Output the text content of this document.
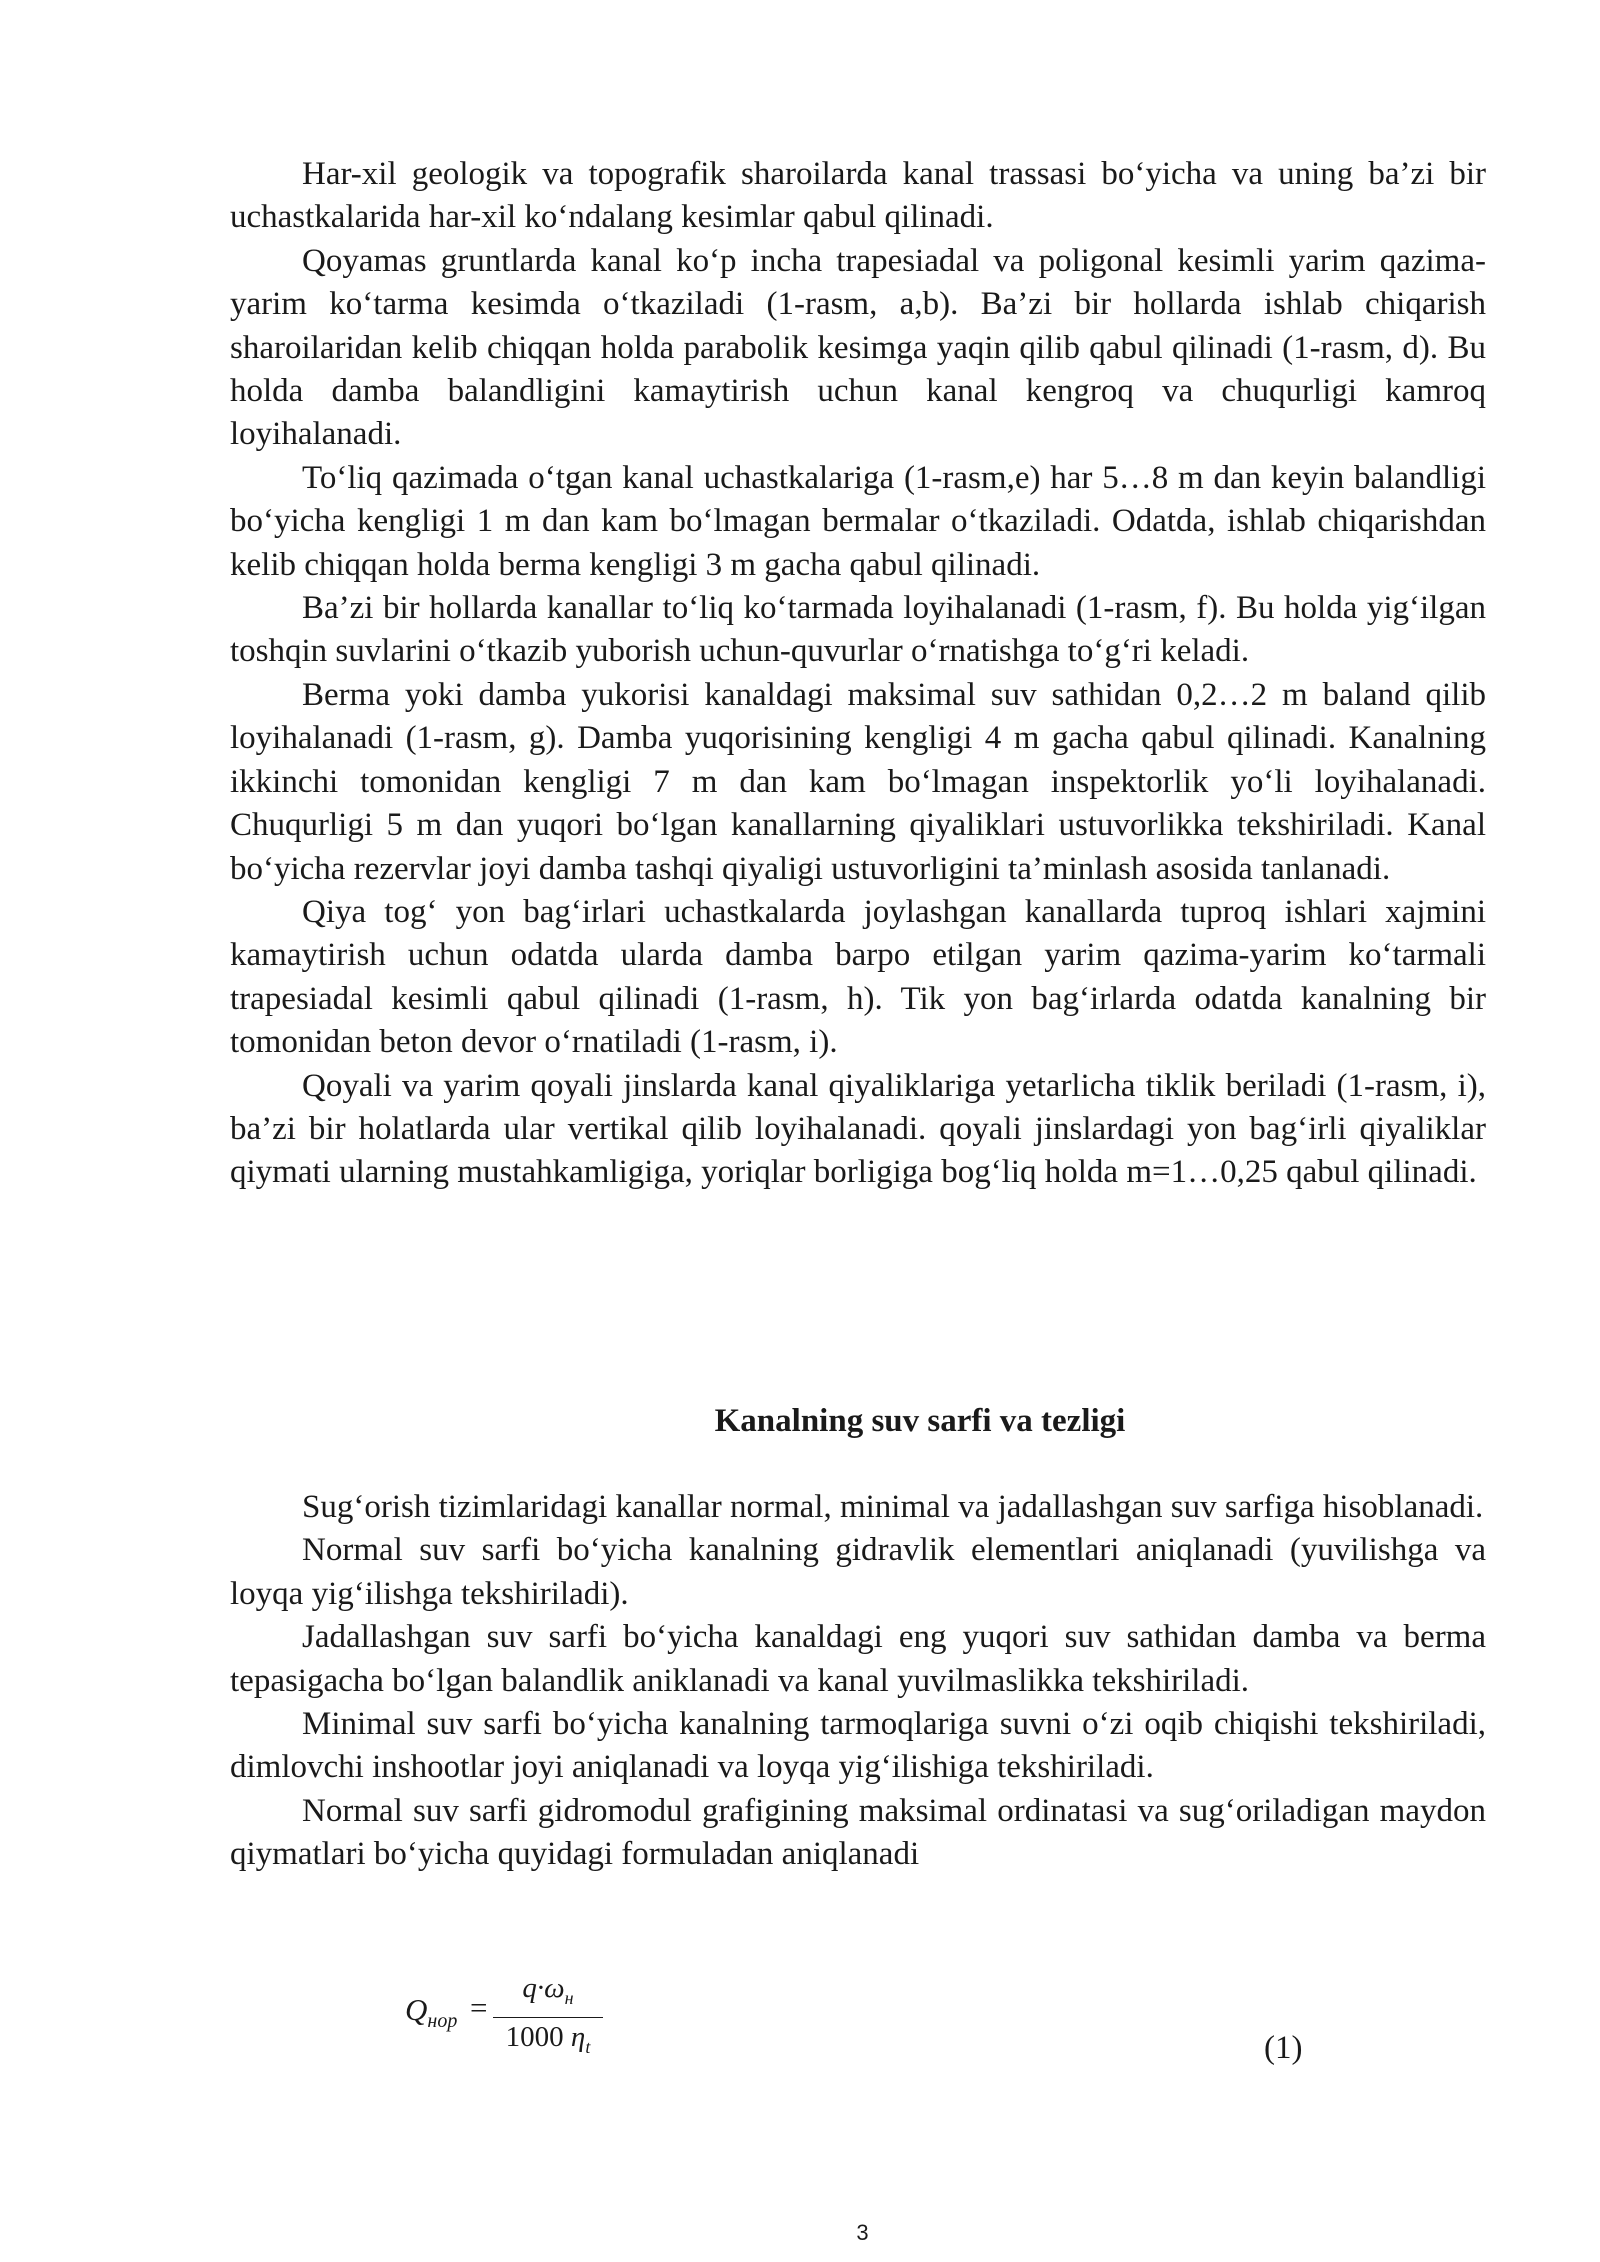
Har-xil geologik va topografik sharoilarda kanal trassasi bo‘yicha va uning ba’zi bir uchastkalarida har-xil ko‘ndalang kesimlar qabul qilinadi.

Qoyamas gruntlarda kanal ko‘p incha trapesiadal va poligonal kesimli yarim qazima-yarim ko‘tarma kesimda o‘tkaziladi (1-rasm, a,b). Ba’zi bir hollarda ishlab chiqarish sharoilaridan kelib chiqqan holda parabolik kesimga yaqin qilib qabul qilinadi (1-rasm, d). Bu holda damba balandligini kamaytirish uchun kanal kengroq va chuqurligi kamroq loyihalanadi.

To‘liq qazimada o‘tgan kanal uchastkalariga (1-rasm,e) har 5…8 m dan keyin balandligi bo‘yicha kengligi 1 m dan kam bo‘lmagan bermalar o‘tkaziladi. Odatda, ishlab chiqarishdan kelib chiqqan holda berma kengligi 3 m gacha qabul qilinadi.

Ba’zi bir hollarda kanallar to‘liq ko‘tarmada loyihalanadi (1-rasm, f). Bu holda yig‘ilgan toshqin suvlarini o‘tkazib yuborish uchun-quvurlar o‘rnatishga to‘g‘ri keladi.

Berma yoki damba yukorisi kanaldagi maksimal suv sathidan 0,2…2 m baland qilib loyihalanadi (1-rasm, g). Damba yuqorisining kengligi 4 m gacha qabul qilinadi. Kanalning ikkinchi tomonidan kengligi 7 m dan kam bo‘lmagan inspektorlik yo‘li loyihalanadi. Chuqurligi 5 m dan yuqori bo‘lgan kanallarning qiyaliklari ustuvorlikka tekshiriladi. Kanal bo‘yicha rezervlar joyi damba tashqi qiyaligi ustuvorligini ta’minlash asosida tanlanadi.

Qiya tog‘ yon bag‘irlari uchastkalarda joylashgan kanallarda tuproq ishlari xajmini kamaytirish uchun odatda ularda damba barpo etilgan yarim qazima-yarim ko‘tarmali trapesiadal kesimli qabul qilinadi (1-rasm, h). Tik yon bag‘irlarda odatda kanalning bir tomonidan beton devor o‘rnatiladi (1-rasm, i).

Qoyali va yarim qoyali jinslarda kanal qiyaliklariga yetarlicha tiklik beriladi (1-rasm, i), ba’zi bir holatlarda ular vertikal qilib loyihalanadi. qoyali jinslardagi yon bag‘irli qiyaliklar qiymati ularning mustahkamligiga, yoriqlar borligiga bog‘liq holda m=1…0,25 qabul qilinadi.

Kanalning suv sarfi va tezligi

Sug‘orish tizimlaridagi kanallar normal, minimal va jadallashgan suv sarfiga hisoblanadi.

Normal suv sarfi bo‘yicha kanalning gidravlik elementlari aniqlanadi (yuvilishga va loyqa yig‘ilishga tekshiriladi).

Jadallashgan suv sarfi bo‘yicha kanaldagi eng yuqori suv sathidan damba va berma tepasigacha bo‘lgan balandlik aniklanadi va kanal yuvilmaslikka tekshiriladi.

Minimal suv sarfi bo‘yicha kanalning tarmoqlariga suvni o‘zi oqib chiqishi tekshiriladi, dimlovchi inshootlar joyi aniqlanadi va loyqa yig‘ilishiga tekshiriladi.

Normal suv sarfi gidromodul grafigining maksimal ordinatasi va sug‘oriladigan maydon qiymatlari bo‘yicha quyidagi formuladan aniqlanadi

$Q_{нор}$ =
$q\cdot\omega_н$
1000 $\eta_t$	(1)
3
